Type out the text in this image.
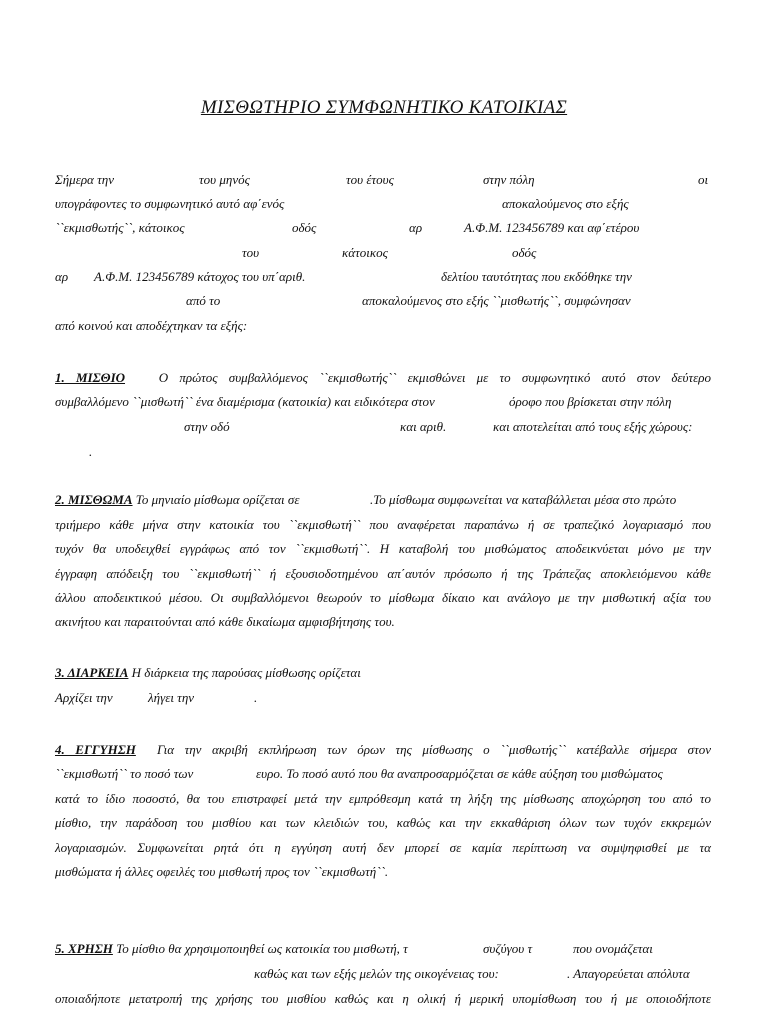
ΜΙΣΘΩΤΗΡΙΟ ΣΥΜΦΩΝΗΤΙΚΟ ΚΑΤΟΙΚΙΑΣ
Σήμερα την	του μηνός	του έτους	στην πόλη	οι
υπογράφοντες το συμφωνητικό αυτό αφ΄ενός	αποκαλούμενος στο εξής
``εκμισθωτής``, κάτοικος	οδός	αρ	Α.Φ.Μ. 123456789 και αφ΄ετέρου
του	κάτοικος	οδός
αρ Α.Φ.Μ. 123456789 κάτοχος του υπ΄αριθ.	δελτίου ταυτότητας που εκδόθηκε την
από το	αποκαλούμενος στο εξής ``μισθωτής``, συμφώνησαν
από κοινού και αποδέχτηκαν τα εξής:
1. ΜΙΣΘΙΟ	Ο πρώτος συμβαλλόμενος ``εκμισθωτής`` εκμισθώνει με το συμφωνητικό αυτό στον δεύτερο
συμβαλλόμενο ``μισθωτή`` ένα διαμέρισμα (κατοικία) και ειδικότερα στον	όροφο που βρίσκεται στην πόλη
στην οδό	και αριθ.	και αποτελείται από τους εξής χώρους:
.
2. ΜΙΣΘΩΜΑ Το μηνιαίο μίσθωμα ορίζεται σε	.Το μίσθωμα συμφωνείται να καταβάλλεται μέσα στο πρώτο
τριήμερο κάθε μήνα στην κατοικία του ``εκμισθωτή`` που αναφέρεται παραπάνω ή σε τραπεζικό λογαριασμό που
τυχόν θα υποδειχθεί εγγράφως από τον ``εκμισθωτή``. Η καταβολή του μισθώματος αποδεικνύεται μόνο με την
έγγραφη απόδειξη του ``εκμισθωτή`` ή εξουσιοδοτημένου απ΄αυτόν πρόσωπο ή της Τράπεζας αποκλειόμενου κάθε
άλλου αποδεικτικού μέσου. Οι συμβαλλόμενοι θεωρούν το μίσθωμα δίκαιο και ανάλογο με την μισθωτική αξία του
ακινήτου και παραιτούνται από κάθε δικαίωμα αμφισβήτησης του.
3. ΔΙΑΡΚΕΙΑ Η διάρκεια της παρούσας μίσθωσης ορίζεται
Αρχίζει την	λήγει την	.
4. ΕΓΓΥΗΣΗ Για την ακριβή εκπλήρωση των όρων της μίσθωσης ο ``μισθωτής`` κατέβαλλε σήμερα στον
``εκμισθωτή`` το ποσό των	ευρο. Το ποσό αυτό που θα αναπροσαρμόζεται σε κάθε αύξηση του μισθώματος
κατά το ίδιο ποσοστό, θα του επιστραφεί μετά την εμπρόθεσμη κατά τη λήξη της μίσθωσης αποχώρηση του από το
μίσθιο, την παράδοση του μισθίου και των κλειδιών του, καθώς και την εκκαθάριση όλων των τυχόν εκκρεμών
λογαριασμών. Συμφωνείται ρητά ότι η εγγύηση αυτή δεν μπορεί σε καμία περίπτωση να συμψηφισθεί με τα
μισθώματα ή άλλες οφειλές του μισθωτή προς τον ``εκμισθωτή``.
5. ΧΡΗΣΗ Το μίσθιο θα χρησιμοποιηθεί ως κατοικία του μισθωτή, τ	συζύγου τ	που ονομάζεται
καθώς και των εξής μελών της οικογένειας του:	. Απαγορεύεται απόλυτα
οποιαδήποτε μετατροπή της χρήσης του μισθίου καθώς και η ολική ή μερική υπομίσθωση του ή με οποιοδήποτε
